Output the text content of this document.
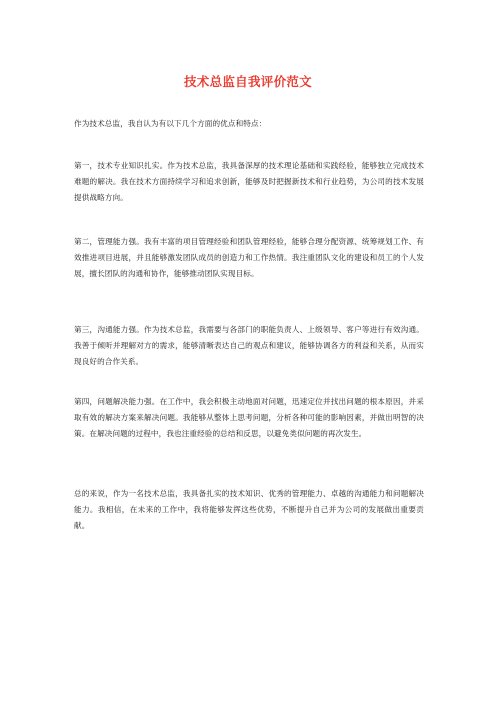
技术总监自我评价范文

作为技术总监，我自认为有以下几个方面的优点和特点：

第一，技术专业知识扎实。作为技术总监，我具备深厚的技术理论基础和实践经验，能够独立完成技术难题的解决。我在技术方面持续学习和追求创新，能够及时把握新技术和行业趋势，为公司的技术发展提供战略方向。

第二，管理能力强。我有丰富的项目管理经验和团队管理经验，能够合理分配资源、统筹规划工作、有效推进项目进展，并且能够激发团队成员的创造力和工作热情。我注重团队文化的建设和员工的个人发展，擅长团队的沟通和协作，能够推动团队实现目标。

第三，沟通能力强。作为技术总监，我需要与各部门的职能负责人、上级领导、客户等进行有效沟通。我善于倾听并理解对方的需求，能够清晰表达自己的观点和建议，能够协调各方的利益和关系，从而实现良好的合作关系。

第四，问题解决能力强。在工作中，我会积极主动地面对问题，迅速定位并找出问题的根本原因，并采取有效的解决方案来解决问题。我能够从整体上思考问题，分析各种可能的影响因素，并做出明智的决策。在解决问题的过程中，我也注重经验的总结和反思，以避免类似问题的再次发生。

总的来说，作为一名技术总监，我具备扎实的技术知识、优秀的管理能力、卓越的沟通能力和问题解决能力。我相信，在未来的工作中，我将能够发挥这些优势，不断提升自己并为公司的发展做出重要贡献。
